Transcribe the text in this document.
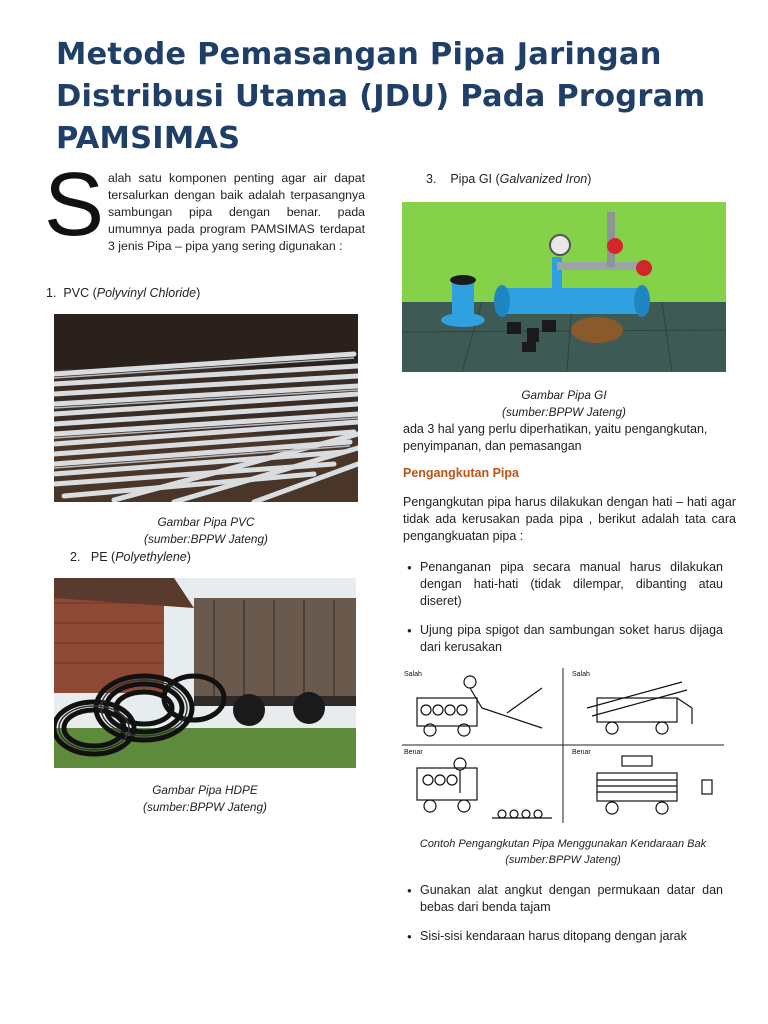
Metode Pemasangan Pipa Jaringan Distribusi Utama (JDU) Pada Program PAMSIMAS
S alah satu komponen penting agar air dapat tersalurkan dengan baik adalah terpasangnya sambungan pipa dengan benar. pada umumnya pada program PAMSIMAS terdapat 3 jenis Pipa – pipa yang sering digunakan :

1. PVC (Polyvinyl Chloride)
Gambar Pipa PVC
(sumber:BPPW Jateng)
2. PE (Polyethylene)
Gambar Pipa HDPE
(sumber:BPPW Jateng)
3. Pipa GI (Galvanized Iron)
Gambar Pipa GI
(sumber:BPPW Jateng)

ada 3 hal yang perlu diperhatikan, yaitu pengangkutan, penyimpanan, dan pemasangan

Pengangkutan Pipa

Pengangkutan pipa harus dilakukan dengan hati – hati agar tidak ada kerusakan pada pipa , berikut adalah tata cara pengangkuatan pipa :

● Penanganan pipa secara manual harus dilakukan dengan hati-hati (tidak dilempar, dibanting atau diseret)
● Ujung pipa spigot dan sambungan soket harus dijaga dari kerusakan
Salah	Salah
Benar	Benar
Contoh Pengangkutan Pipa Menggunakan Kendaraan Bak
(sumber:BPPW Jateng)
● Gunakan alat angkut dengan permukaan datar dan bebas dari benda tajam
● Sisi-sisi kendaraan harus ditopang dengan jarak
